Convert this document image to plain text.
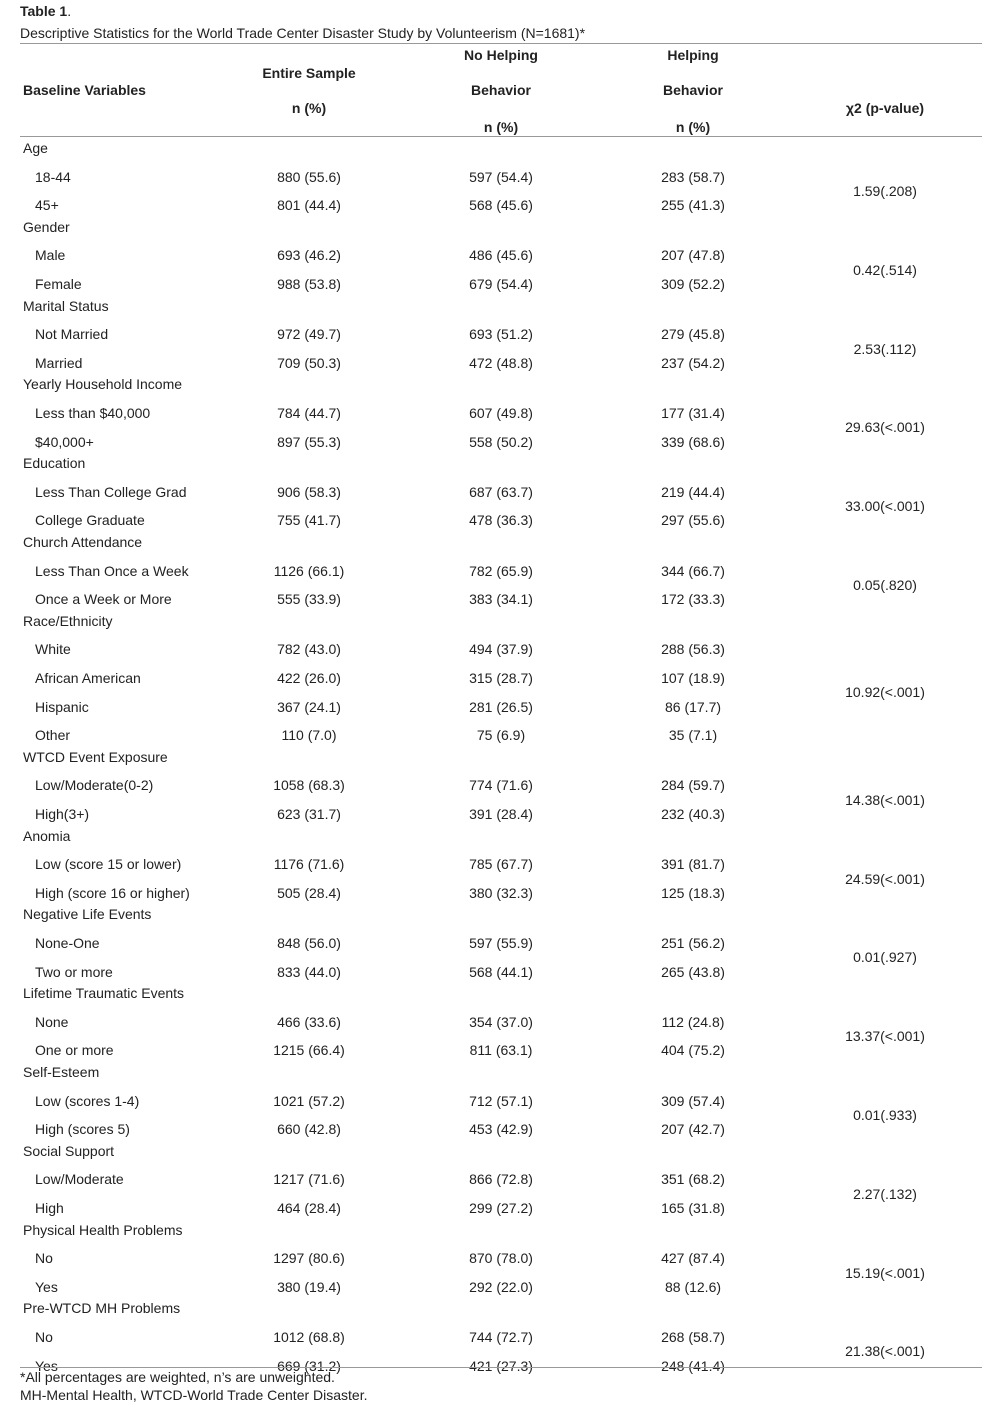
Table 1.
Descriptive Statistics for the World Trade Center Disaster Study by Volunteerism (N=1681)*
Baseline Variables
Entire Sample
n (%)
No Helping
Behavior
n (%)
Helping
Behavior
n (%)
χ2 (p-value)
Age
18-44	880 (55.6)	597 (54.4)	283 (58.7)
45+	801 (44.4)	568 (45.6)	255 (41.3)
1.59(.208)
Gender
Male	693 (46.2)	486 (45.6)	207 (47.8)
Female	988 (53.8)	679 (54.4)	309 (52.2)
0.42(.514)
Marital Status
Not Married	972 (49.7)	693 (51.2)	279 (45.8)
Married	709 (50.3)	472 (48.8)	237 (54.2)
2.53(.112)
Yearly Household Income
Less than $40,000	784 (44.7)	607 (49.8)	177 (31.4)
$40,000+	897 (55.3)	558 (50.2)	339 (68.6)
29.63(<.001)
Education
Less Than College Grad	906 (58.3)	687 (63.7)	219 (44.4)
College Graduate	755 (41.7)	478 (36.3)	297 (55.6)
33.00(<.001)
Church Attendance
Less Than Once a Week	1126 (66.1)	782 (65.9)	344 (66.7)
Once a Week or More	555 (33.9)	383 (34.1)	172 (33.3)
0.05(.820)
Race/Ethnicity
White	782 (43.0)	494 (37.9)	288 (56.3)
African American	422 (26.0)	315 (28.7)	107 (18.9)
Hispanic	367 (24.1)	281 (26.5)	86 (17.7)
Other	110 (7.0)	75 (6.9)	35 (7.1)
10.92(<.001)
WTCD Event Exposure
Low/Moderate(0-2)	1058 (68.3)	774 (71.6)	284 (59.7)
High(3+)	623 (31.7)	391 (28.4)	232 (40.3)
14.38(<.001)
Anomia
Low (score 15 or lower)	1176 (71.6)	785 (67.7)	391 (81.7)
High (score 16 or higher)	505 (28.4)	380 (32.3)	125 (18.3)
24.59(<.001)
Negative Life Events
None-One	848 (56.0)	597 (55.9)	251 (56.2)
Two or more	833 (44.0)	568 (44.1)	265 (43.8)
0.01(.927)
Lifetime Traumatic Events
None	466 (33.6)	354 (37.0)	112 (24.8)
One or more	1215 (66.4)	811 (63.1)	404 (75.2)
13.37(<.001)
Self-Esteem
Low (scores 1-4)	1021 (57.2)	712 (57.1)	309 (57.4)
High (scores 5)	660 (42.8)	453 (42.9)	207 (42.7)
0.01(.933)
Social Support
Low/Moderate	1217 (71.6)	866 (72.8)	351 (68.2)
High	464 (28.4)	299 (27.2)	165 (31.8)
2.27(.132)
Physical Health Problems
No	1297 (80.6)	870 (78.0)	427 (87.4)
Yes	380 (19.4)	292 (22.0)	88 (12.6)
15.19(<.001)
Pre-WTCD MH Problems
No	1012 (68.8)	744 (72.7)	268 (58.7)
Yes	669 (31.2)	421 (27.3)	248 (41.4)
21.38(<.001)
*All percentages are weighted, n’s are unweighted.
MH-Mental Health, WTCD-World Trade Center Disaster.
